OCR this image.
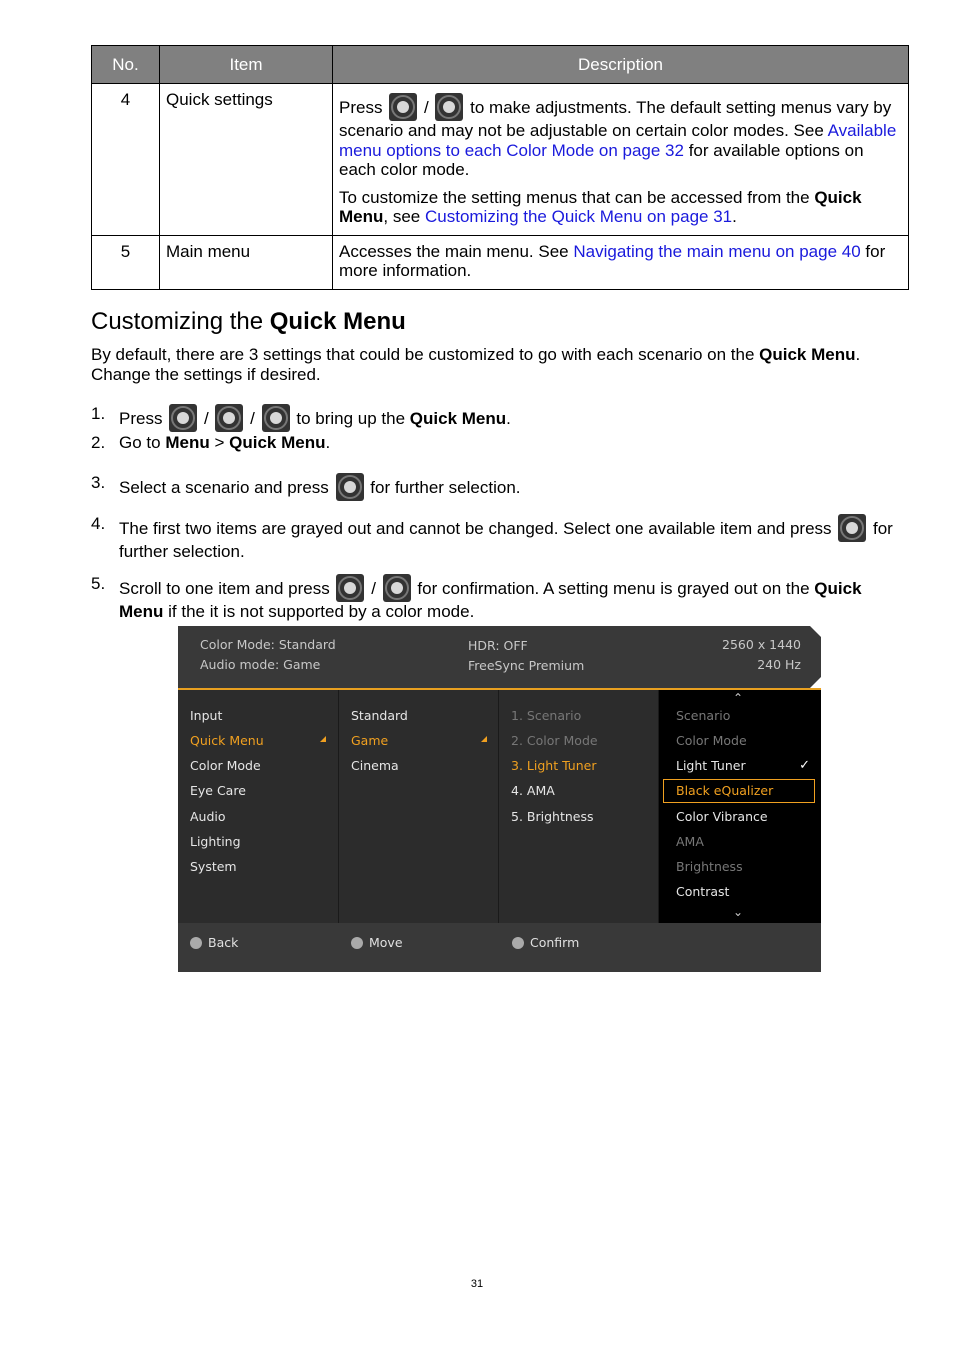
No.	Item	Description
4	Quick settings	Press / to make adjustments. The default setting menus vary by scenario and may not be adjustable on certain color modes. See Available menu options to each Color Mode on page 32 for available options on each color mode.

To customize the setting menus that can be accessed from the Quick Menu, see Customizing the Quick Menu on page 31.

5	Main menu	Accesses the main menu. See Navigating the main menu on page 40 for more information.
Customizing the Quick Menu

By default, there are 3 settings that could be customized to go with each scenario on the Quick Menu. Change the settings if desired.

1. Press / / to bring up the Quick Menu.
2. Go to Menu > Quick Menu.
3. Select a scenario and press for further selection.
4. The first two items are grayed out and cannot be changed. Select one available item and press for further selection.
5. Scroll to one item and press / for confirmation. A setting menu is grayed out on the Quick Menu if the it is not supported by a color mode.
Color Mode: Standard
Audio mode: Game
HDR: OFF
FreeSync Premium
2560 x 1440
240 Hz
Input
Quick Menu
Color Mode
Eye Care
Audio
Lighting
System
Standard
Game
Cinema
1. Scenario
2. Color Mode
3. Light Tuner
4. AMA
5. Brightness
⌃
Scenario
Color Mode
Light Tuner	✓
Black eQualizer
Color Vibrance
AMA
Brightness
Contrast
⌄
Back	Move	Confirm
31
